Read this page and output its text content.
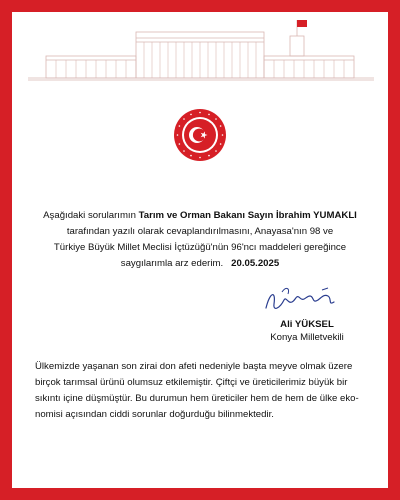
Aşağıdaki sorularımın Tarım ve Orman Bakanı Sayın İbrahim YUMAKLI
tarafından yazılı olarak cevaplandırılmasını, Anayasa'nın 98 ve
Türkiye Büyük Millet Meclisi İçtüzüğü'nün 96'ncı maddeleri gereğince
saygılarımla arz ederim. 20.05.2025
Ali YÜKSEL
Konya Milletvekili
Ülkemizde yaşanan son zirai don afeti nedeniyle başta meyve olmak üzere
birçok tarımsal ürünü olumsuz etkilemiştir. Çiftçi ve üreticilerimiz büyük bir
sıkıntı içine düşmüştür. Bu durumun hem üreticiler hem de hem de ülke eko-
nomisi açısından ciddi sorunlar doğurduğu bilinmektedir.
